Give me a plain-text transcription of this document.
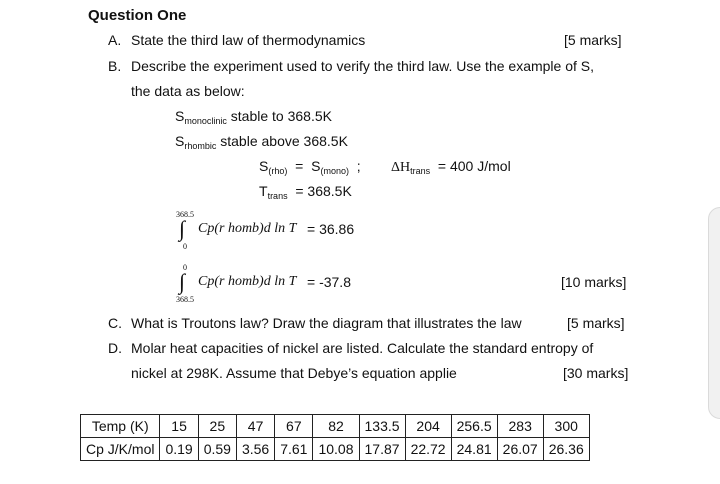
Question One
A. State the third law of thermodynamics	[5 marks]
B. Describe the experiment used to verify the third law. Use the example of S,
the data as below:
$S_{monoclinic}$ stable to 368.5K
$S_{rhombic}$ stable above 368.5K
$S_{(rho)} = S_{(mono)}$ ; $\Delta H_{trans} = 400$ J/mol
$T_{trans} = 368.5K$
368.5
∫
0
Cp(r homb)d ln T = 36.86
0
∫
368.5
Cp(r homb)d ln T = -37.8	[10 marks]
C. What is Troutons law? Draw the diagram that illustrates the law	[5 marks]
D. Molar heat capacities of nickel are listed. Calculate the standard entropy of
nickel at 298K. Assume that Debye’s equation applie	[30 marks]
Temp (K)	15	25	47	67	82	133.5	204	256.5	283	300
Cp J/K/mol	0.19	0.59	3.56	7.61	10.08	17.87	22.72	24.81	26.07	26.36
